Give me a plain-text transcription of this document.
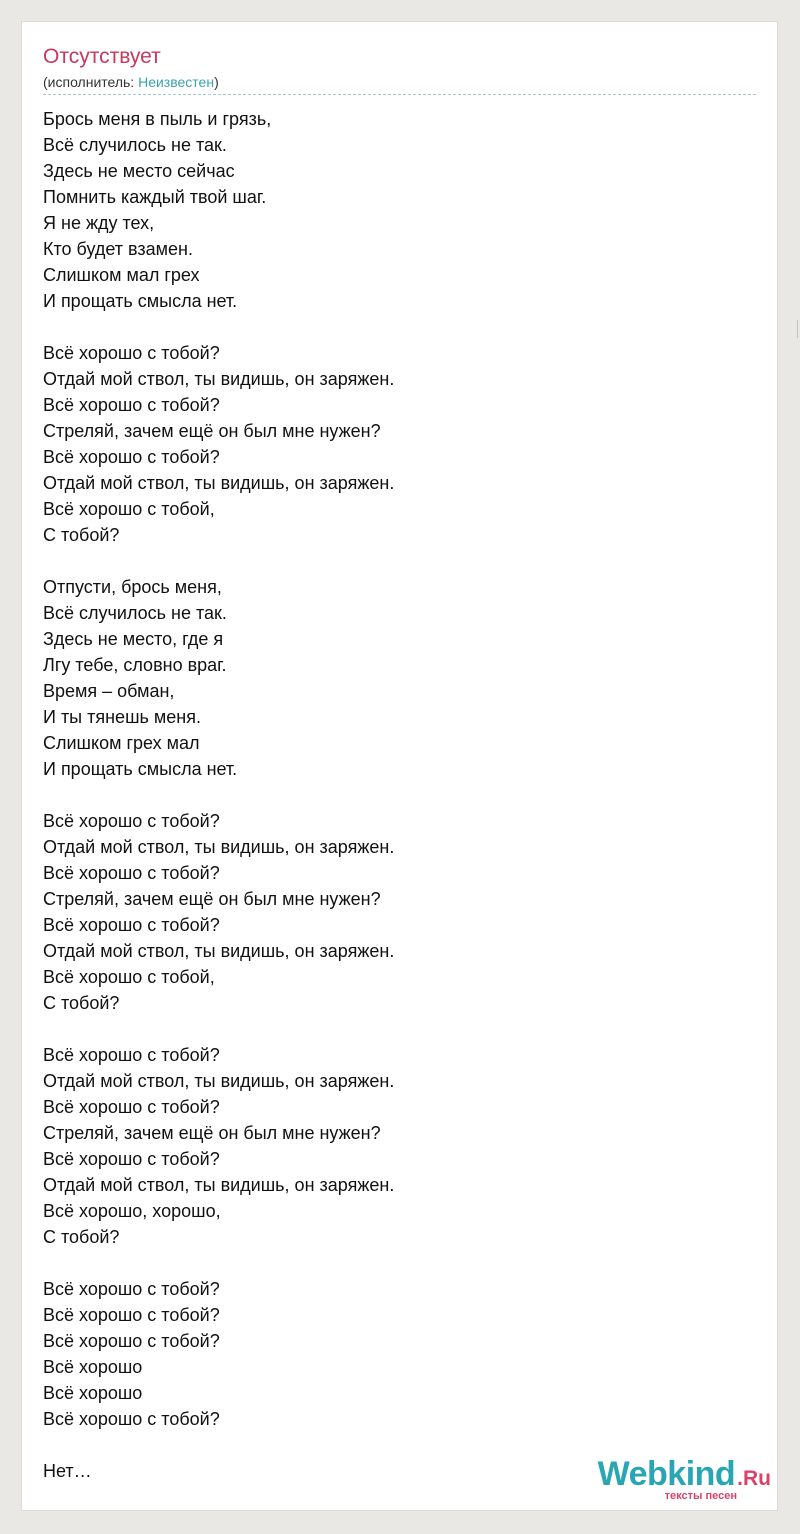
Отсутствует
(исполнитель: Неизвестен)
Брось меня в пыль и грязь,
Всё случилось не так.
Здесь не место сейчас
Помнить каждый твой шаг.
Я не жду тех,
Кто будет взамен.
Слишком мал грех
И прощать смысла нет.
Всё хорошо с тобой?
Отдай мой ствол, ты видишь, он заряжен.
Всё хорошо с тобой?
Стреляй, зачем ещё он был мне нужен?
Всё хорошо с тобой?
Отдай мой ствол, ты видишь, он заряжен.
Всё хорошо с тобой,
С тобой?
Отпусти, брось меня,
Всё случилось не так.
Здесь не место, где я
Лгу тебе, словно враг.
Время – обман,
И ты тянешь меня.
Слишком грех мал
И прощать смысла нет.
Всё хорошо с тобой?
Отдай мой ствол, ты видишь, он заряжен.
Всё хорошо с тобой?
Стреляй, зачем ещё он был мне нужен?
Всё хорошо с тобой?
Отдай мой ствол, ты видишь, он заряжен.
Всё хорошо с тобой,
С тобой?
Всё хорошо с тобой?
Отдай мой ствол, ты видишь, он заряжен.
Всё хорошо с тобой?
Стреляй, зачем ещё он был мне нужен?
Всё хорошо с тобой?
Отдай мой ствол, ты видишь, он заряжен.
Всё хорошо, хорошо,
С тобой?
Всё хорошо с тобой?
Всё хорошо с тобой?
Всё хорошо с тобой?
Всё хорошо
Всё хорошо
Всё хорошо с тобой?
Нет…	Webkind.Ru
тексты песен
